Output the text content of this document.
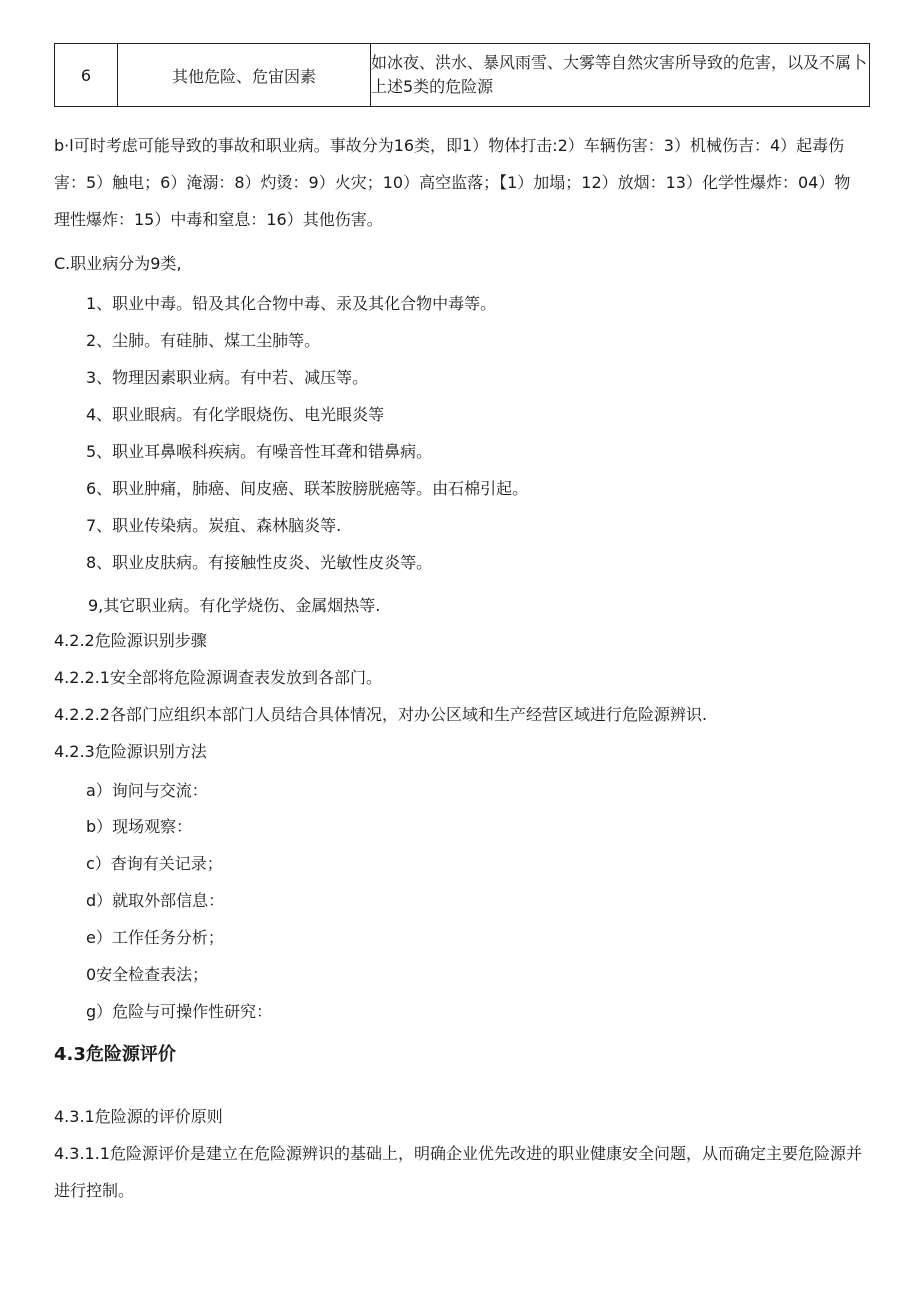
6	其他危险、危宙因素	如冰夜、洪水、暴风雨雪、大雾等自然灾害所导致的危害，以及不属卜上述5类的危险源
b·l可时考虑可能导致的事故和职业病。事故分为16类，即1）物体打击:2）车辆伤害：3）机械伤吉：4）起毒伤害：5）触电；6）淹溺：8）灼烫：9）火灾；10）高空监落；【1）加塌；12）放烟：13）化学性爆炸：04）物理性爆炸：15）中毒和窒息：16）其他伤害。
C.职业病分为9类,
1、职业中毒。铅及其化合物中毒、汞及其化合物中毒等。
2、尘肺。有硅肺、煤工尘肺等。
3、物理因素职业病。有中若、减压等。
4、职业眼病。有化学眼烧伤、电光眼炎等
5、职业耳鼻喉科疾病。有噪音性耳聋和错鼻病。
6、职业肿痛，肺癌、间皮癌、联苯胺膀胱癌等。由石棉引起。
7、职业传染病。炭疽、森林脑炎等.
8、职业皮肤病。有接触性皮炎、光敏性皮炎等。
9,其它职业病。有化学烧伤、金属烟热等.
4.2.2危险源识别步骤
4.2.2.1安全部将危险源调查表发放到各部门。
4.2.2.2各部门应组织本部门人员结合具体情况，对办公区域和生产经营区域进行危险源辨识.
4.2.3危险源识别方法
a）询问与交流：
b）现场观察：
c）杳询有关记录；
d）就取外部信息：
e）工作任务分析；
0安全检查表法；
g）危险与可操作性研究：
4.3危险源评价
4.3.1危险源的评价原则
4.3.1.1危险源评价是建立在危险源辨识的基础上，明确企业优先改进的职业健康安全问题，从而确定主要危险源并进行控制。
